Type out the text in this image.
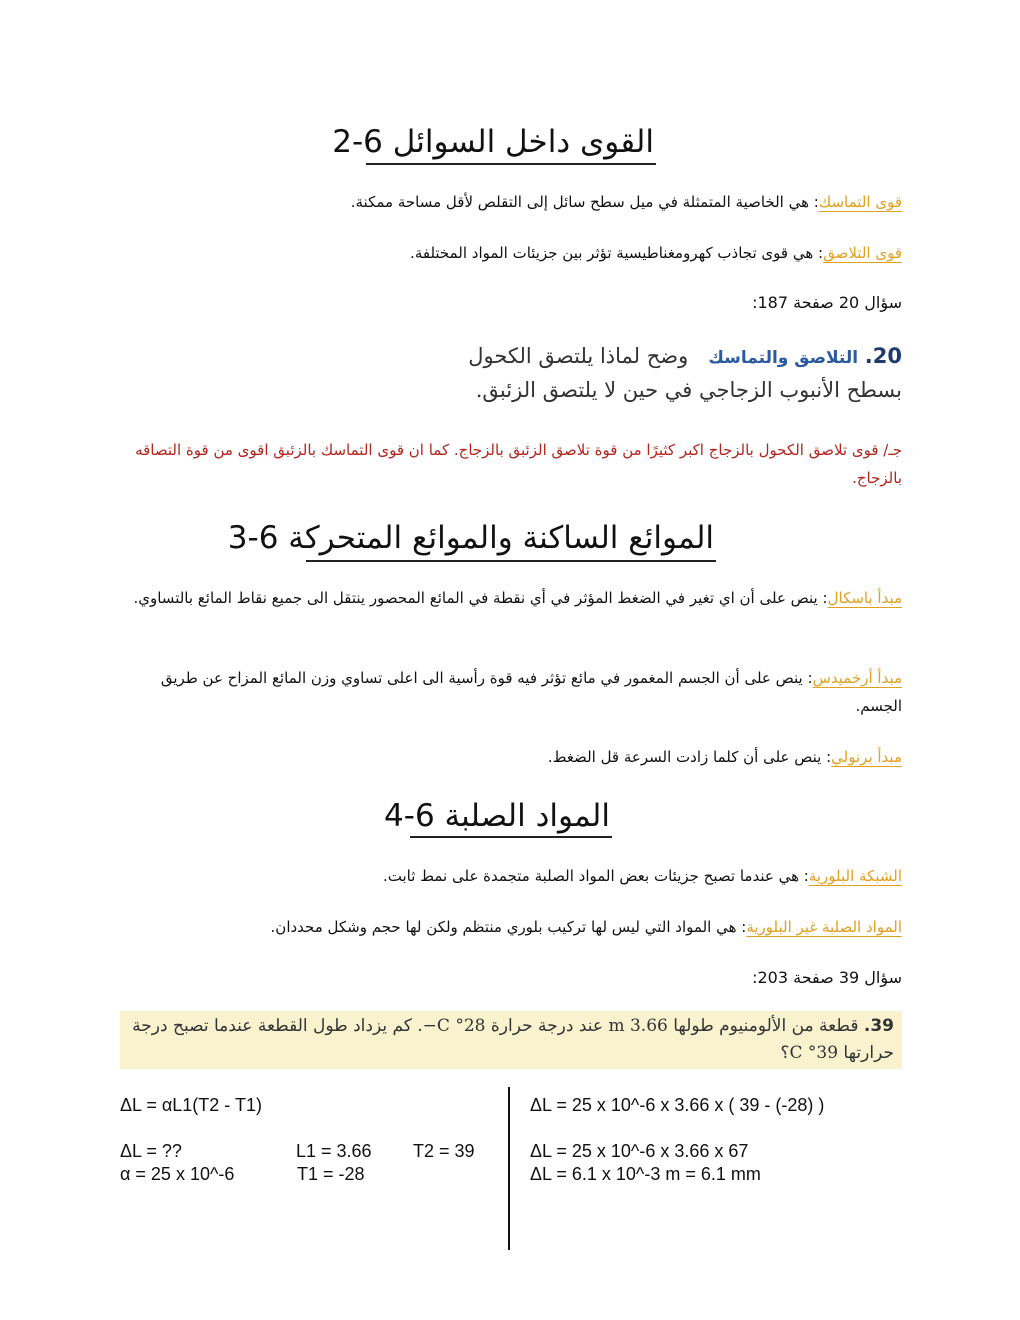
القوى داخل السوائل 6-2

قوى التماسك: هي الخاصية المتمثلة في ميل سطح سائل إلى التقلص لأقل مساحة ممكنة.

قوى التلاصق: هي قوى تجاذب كهرومغناطيسية تؤثر بين جزيئات المواد المختلفة.

سؤال 20 صفحة 187:
20. التلاصق والتماسك   وضح لماذا يلتصق الكحول
بسطح الأنبوب الزجاجي في حين لا يلتصق الزئبق.

جـ/ قوى تلاصق الكحول بالزجاج اكبر كثيرًا من قوة تلاصق الزئبق بالزجاج. كما ان قوى التماسك بالزئبق اقوى من قوة التصاقه بالزجاج.

الموائع الساكنة والموائع المتحركة 6-3

مبدأ باسكال: ينص على أن اي تغير في الضغط المؤثر في أي نقطة في المائع المحصور ينتقل الى جميع نقاط المائع بالتساوي.

مبدأ أرخميدس: ينص على أن الجسم المغمور في مائع تؤثر فيه قوة رأسية الى اعلى تساوي وزن المائع المزاح عن طريق الجسم.

مبدأ برنولي: ينص على أن كلما زادت السرعة قل الضغط.

المواد الصلبة 6-4

الشبكة البلورية: هي عندما تصبح جزيئات بعض المواد الصلبة متجمدة على نمط ثابت.

المواد الصلبة غير البلورية: هي المواد التي ليس لها تركيب بلوري منتظم ولكن لها حجم وشكل محددان.

سؤال 39 صفحة 203:
39. قطعة من الألومنيوم طولها 3.66 m عند درجة حرارة 28° C−. كم يزداد طول القطعة عندما تصبح درجة حرارتها 39° C؟
ΔL = αL1(T2 - T1)
ΔL = ??	L1 = 3.66 T2 = 39
α = 25 x 10^-6	T1 = -28
ΔL = 25 x 10^-6 x 3.66 x ( 39 - (-28) )
ΔL = 25 x 10^-6 x 3.66 x 67
ΔL = 6.1 x 10^-3 m = 6.1 mm
